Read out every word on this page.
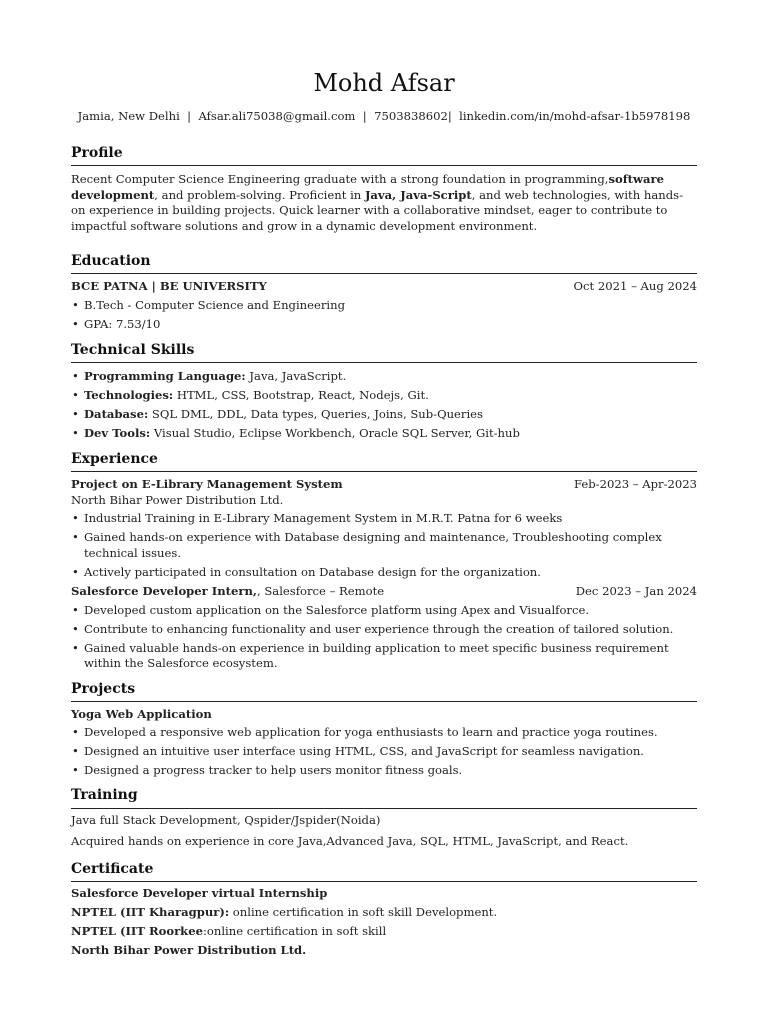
Mohd Afsar
Jamia, New Delhi  |  Afsar.ali75038@gmail.com  |  7503838602|  linkedin.com/in/mohd-afsar-1b5978198
Profile
Recent Computer Science Engineering graduate with a strong foundation in programming,software development, and problem-solving. Proficient in Java, Java-Script, and web technologies, with hands-on experience in building projects. Quick learner with a collaborative mindset, eager to contribute to impactful software solutions and grow in a dynamic development environment.
Education
BCE PATNA | BE UNIVERSITY	Oct 2021 – Aug 2024
• B.Tech - Computer Science and Engineering
• GPA: 7.53/10
Technical Skills
• Programming Language: Java, JavaScript.
• Technologies: HTML, CSS, Bootstrap, React, Nodejs, Git.
• Database: SQL DML, DDL, Data types, Queries, Joins, Sub-Queries
• Dev Tools: Visual Studio, Eclipse Workbench, Oracle SQL Server, Git-hub
Experience
Project on E-Library Management System	Feb-2023 – Apr-2023
North Bihar Power Distribution Ltd.
• Industrial Training in E-Library Management System in M.R.T. Patna for 6 weeks
• Gained hands-on experience with Database designing and maintenance, Troubleshooting complex technical issues.
• Actively participated in consultation on Database design for the organization.
Salesforce Developer Intern,, Salesforce – Remote	Dec 2023 – Jan 2024
• Developed custom application on the Salesforce platform using Apex and Visualforce.
• Contribute to enhancing functionality and user experience through the creation of tailored solution.
• Gained valuable hands-on experience in building application to meet specific business requirement within the Salesforce ecosystem.
Projects
Yoga Web Application
• Developed a responsive web application for yoga enthusiasts to learn and practice yoga routines.
• Designed an intuitive user interface using HTML, CSS, and JavaScript for seamless navigation.
• Designed a progress tracker to help users monitor fitness goals.
Training
Java full Stack Development, Qspider/Jspider(Noida)
Acquired hands on experience in core Java,Advanced Java, SQL, HTML, JavaScript, and React.
Certificate
Salesforce Developer virtual Internship
NPTEL (IIT Kharagpur): online certification in soft skill Development.
NPTEL (IIT Roorkee:online certification in soft skill
North Bihar Power Distribution Ltd.
